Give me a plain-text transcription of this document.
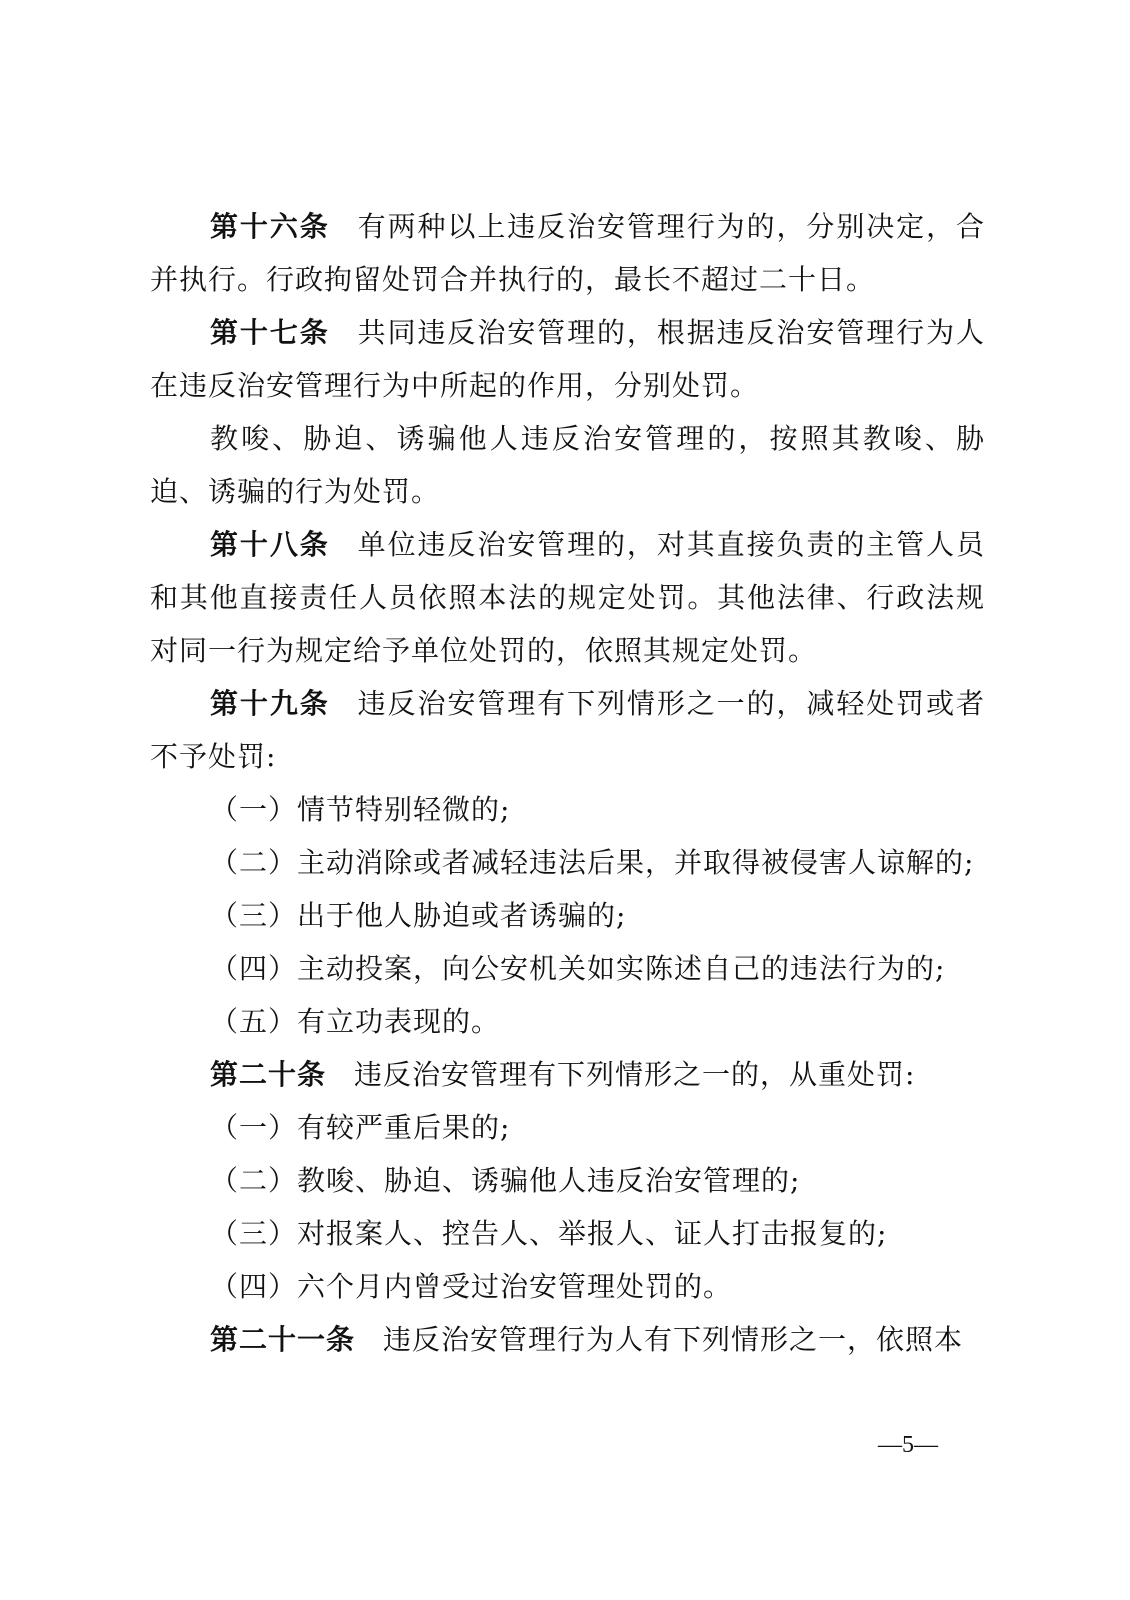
第十六条 有两种以上违反治安管理行为的，分别决定，合并执行。行政拘留处罚合并执行的，最长不超过二十日。

第十七条 共同违反治安管理的，根据违反治安管理行为人在违反治安管理行为中所起的作用，分别处罚。

教唆、胁迫、诱骗他人违反治安管理的，按照其教唆、胁迫、诱骗的行为处罚。

第十八条 单位违反治安管理的，对其直接负责的主管人员和其他直接责任人员依照本法的规定处罚。其他法律、行政法规对同一行为规定给予单位处罚的，依照其规定处罚。

第十九条 违反治安管理有下列情形之一的，减轻处罚或者不予处罚:

（一）情节特别轻微的;

（二）主动消除或者减轻违法后果，并取得被侵害人谅解的;

（三）出于他人胁迫或者诱骗的;

（四）主动投案，向公安机关如实陈述自己的违法行为的;

（五）有立功表现的。

第二十条 违反治安管理有下列情形之一的，从重处罚:

（一）有较严重后果的;

（二）教唆、胁迫、诱骗他人违反治安管理的;

（三）对报案人、控告人、举报人、证人打击报复的;

（四）六个月内曾受过治安管理处罚的。

第二十一条 违反治安管理行为人有下列情形之一，依照本

—5—
